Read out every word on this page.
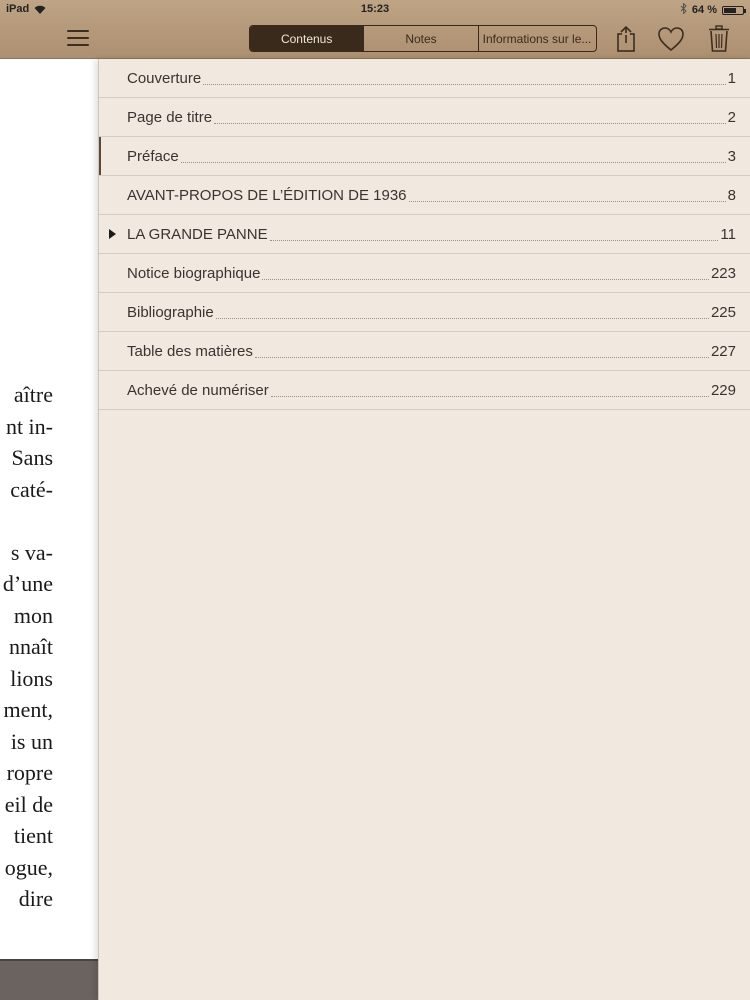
iPad	15:23	64 %
Contenus	Notes	Informations sur le...
aître
nt in-
Sans
caté-
s va-
d’une
mon
nnaît
lions
ment,
is un
ropre
eil de
tient
ogue,
dire
Couverture	1
Page de titre	2
Préface	3
AVANT-PROPOS DE L’ÉDITION DE 1936	8
LA GRANDE PANNE	11
Notice biographique	223
Bibliographie	225
Table des matières	227
Achevé de numériser	229
